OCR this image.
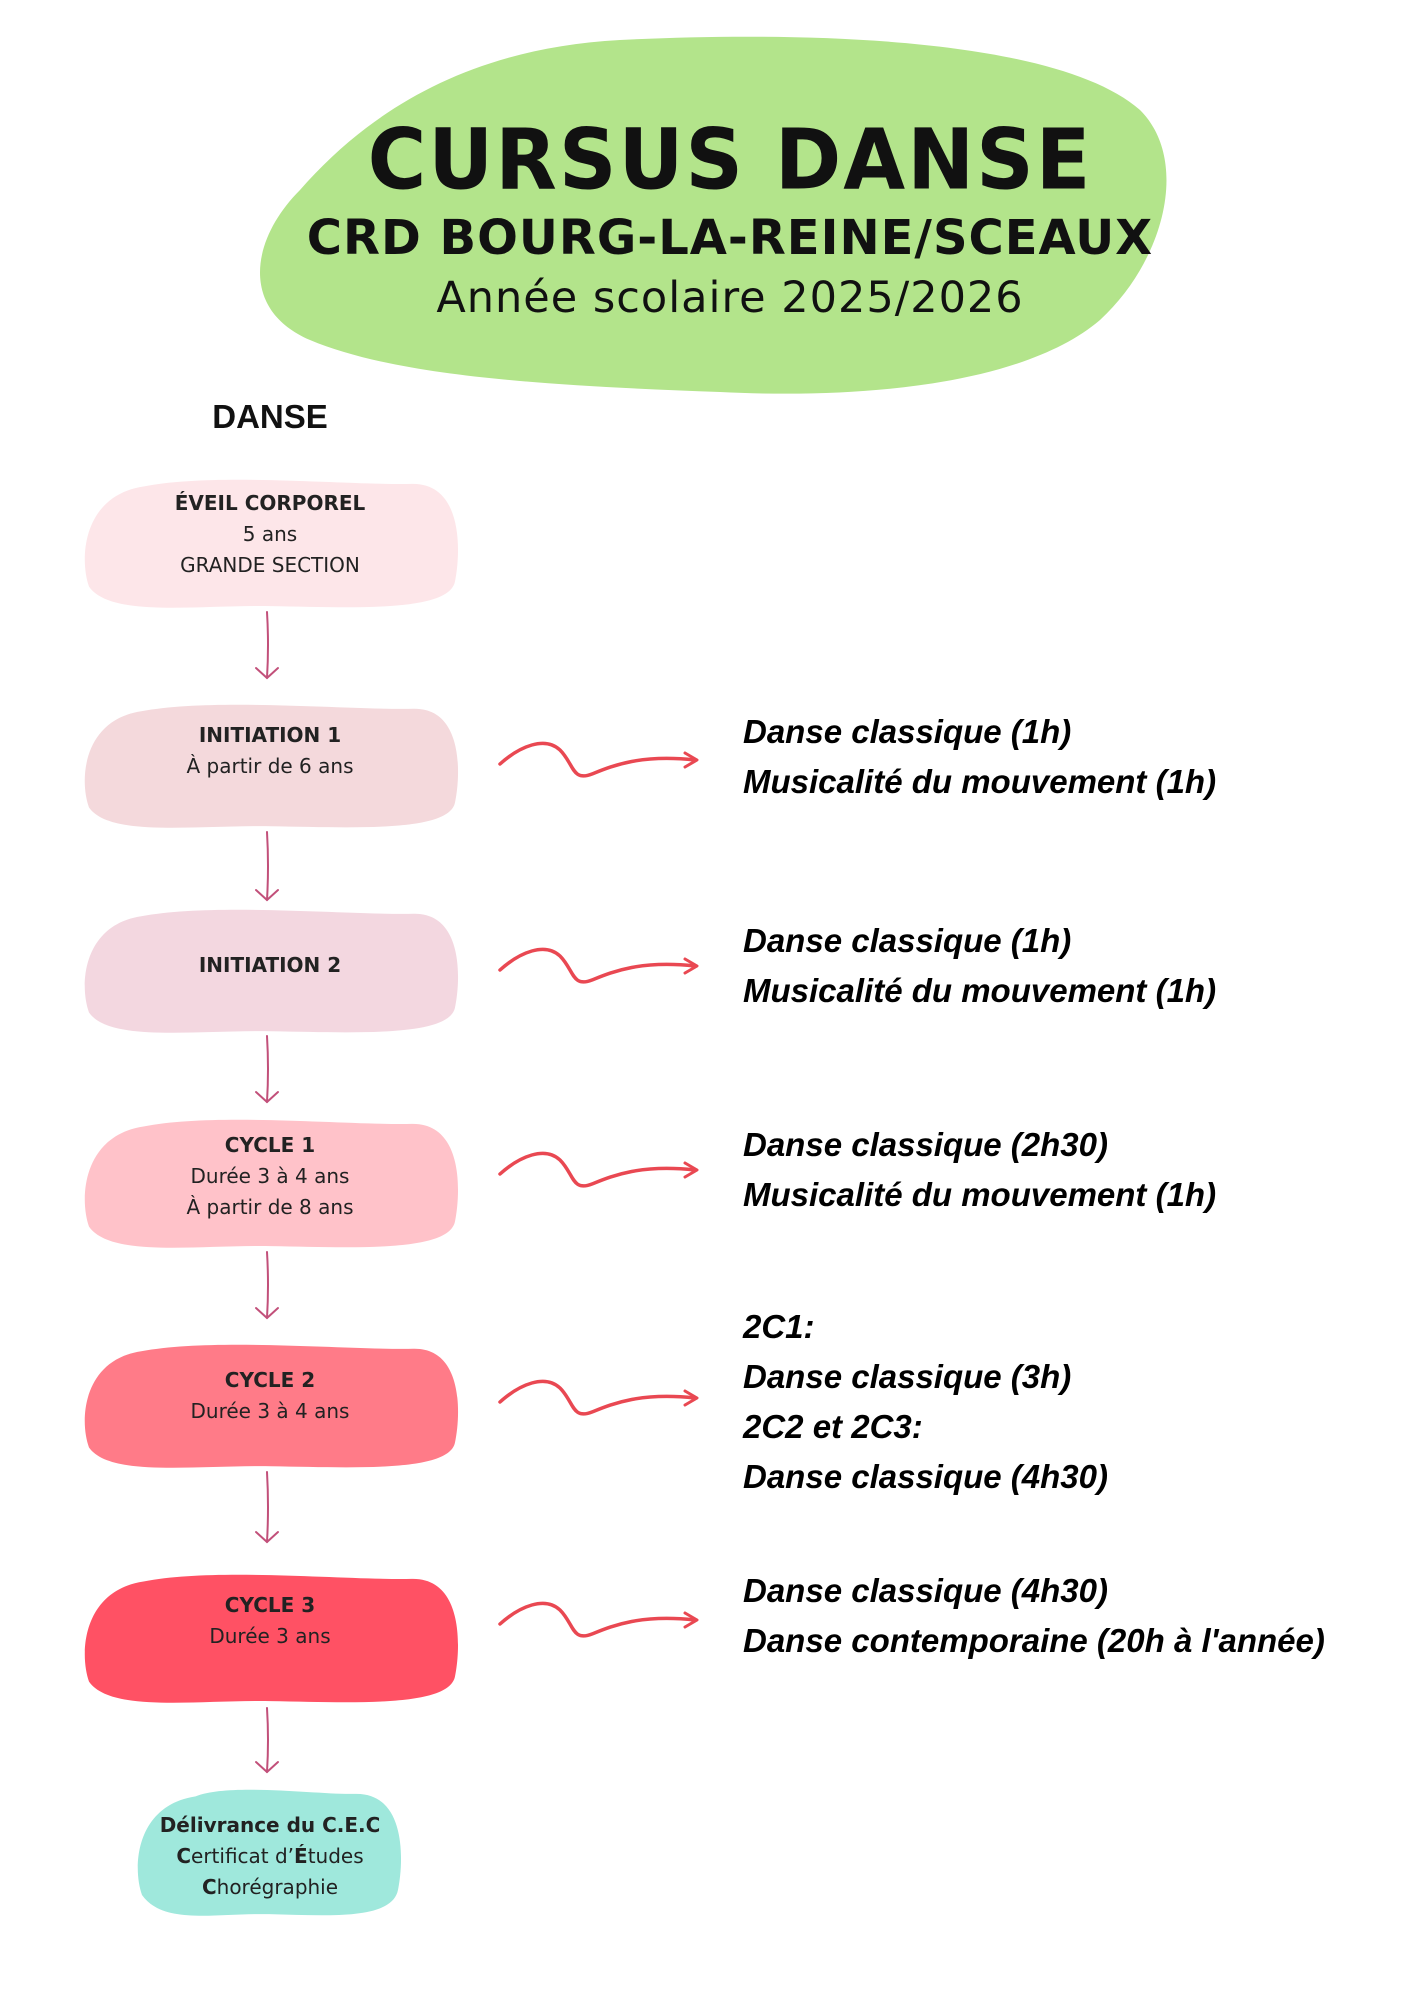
CURSUS DANSE
CRD BOURG-LA-REINE/SCEAUX
Année scolaire 2025/2026
DANSE
ÉVEIL CORPOREL
5 ans
GRANDE SECTION
INITIATION 1
À partir de 6 ans
INITIATION 2
CYCLE 1
Durée 3 à 4 ans
À partir de 8 ans
CYCLE 2
Durée 3 à 4 ans
CYCLE 3
Durée 3 ans
Délivrance du C.E.C
Certificat d’Études
Chorégraphie
Danse classique (1h)
Musicalité du mouvement (1h)
Danse classique (1h)
Musicalité du mouvement (1h)
Danse classique (2h30)
Musicalité du mouvement (1h)
2C1:
Danse classique (3h)
2C2 et 2C3:
Danse classique (4h30)
Danse classique (4h30)
Danse contemporaine (20h à l'année)
